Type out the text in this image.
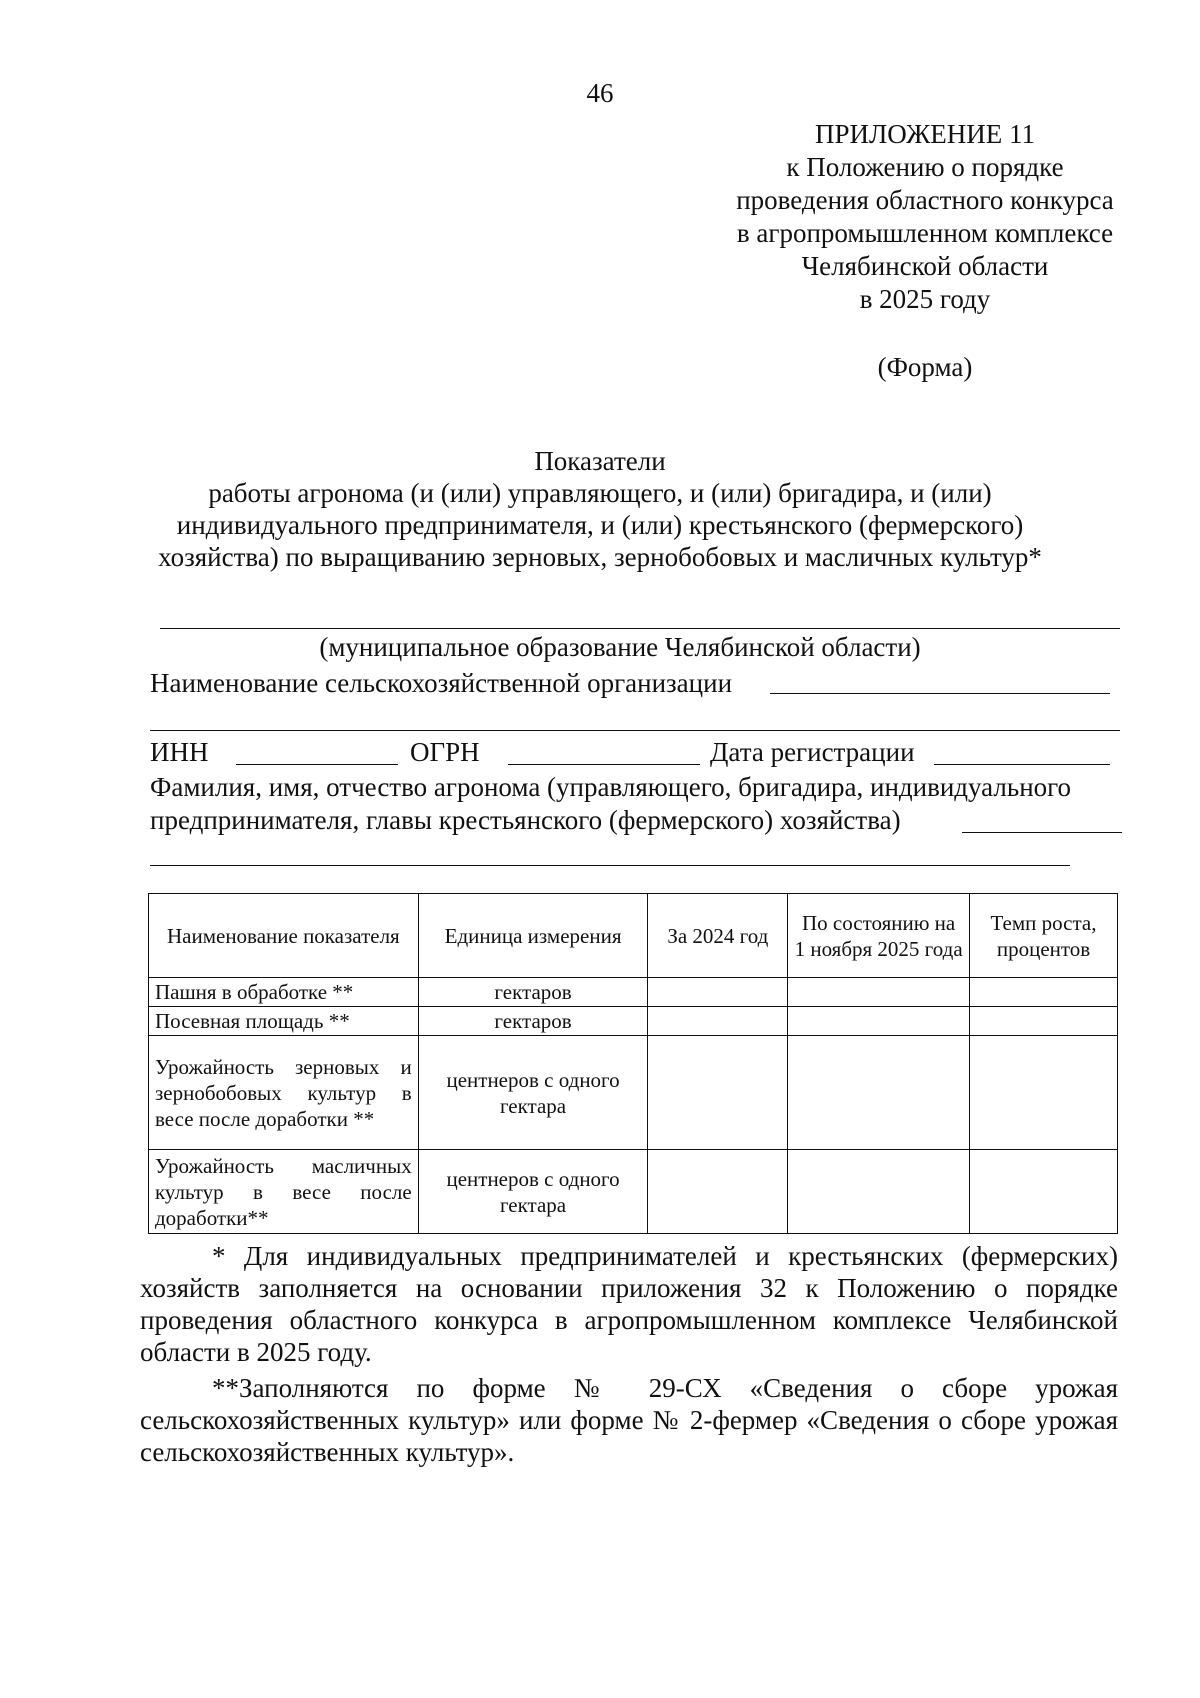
46
ПРИЛОЖЕНИЕ 11
к Положению о порядке
проведения областного конкурса
в агропромышленном комплексе
Челябинской области
в 2025 году
(Форма)
Показатели
работы агронома (и (или) управляющего, и (или) бригадира, и (или)
индивидуального предпринимателя, и (или) крестьянского (фермерского)
хозяйства) по выращиванию зерновых, зернобобовых и масличных культур*
(муниципальное образование Челябинской области)
Наименование сельскохозяйственной организации
ИНН	ОГРН	Дата регистрации
Фамилия, имя, отчество агронома (управляющего, бригадира, индивидуального
предпринимателя, главы крестьянского (фермерского) хозяйства)
Наименование показателя	Единица измерения	За 2024 год	По состоянию на 1 ноября 2025 года	Темп роста, процентов
Пашня в обработке **	гектаров			
Посевная площадь **	гектаров			
Урожайность зерновых и зернобобовых культур в весе после доработки **	центнеров с одного гектара			
Урожайность масличных культур в весе после доработки**	центнеров с одного гектара			

* Для индивидуальных предпринимателей и крестьянских (фермерских) хозяйств заполняется на основании приложения 32 к Положению о порядке проведения областного конкурса в агропромышленном комплексе Челябинской области в 2025 году.

**Заполняются по форме № 29-СХ «Сведения о сборе урожая сельскохозяйственных культур» или форме № 2-фермер «Сведения о сборе урожая сельскохозяйственных культур».
